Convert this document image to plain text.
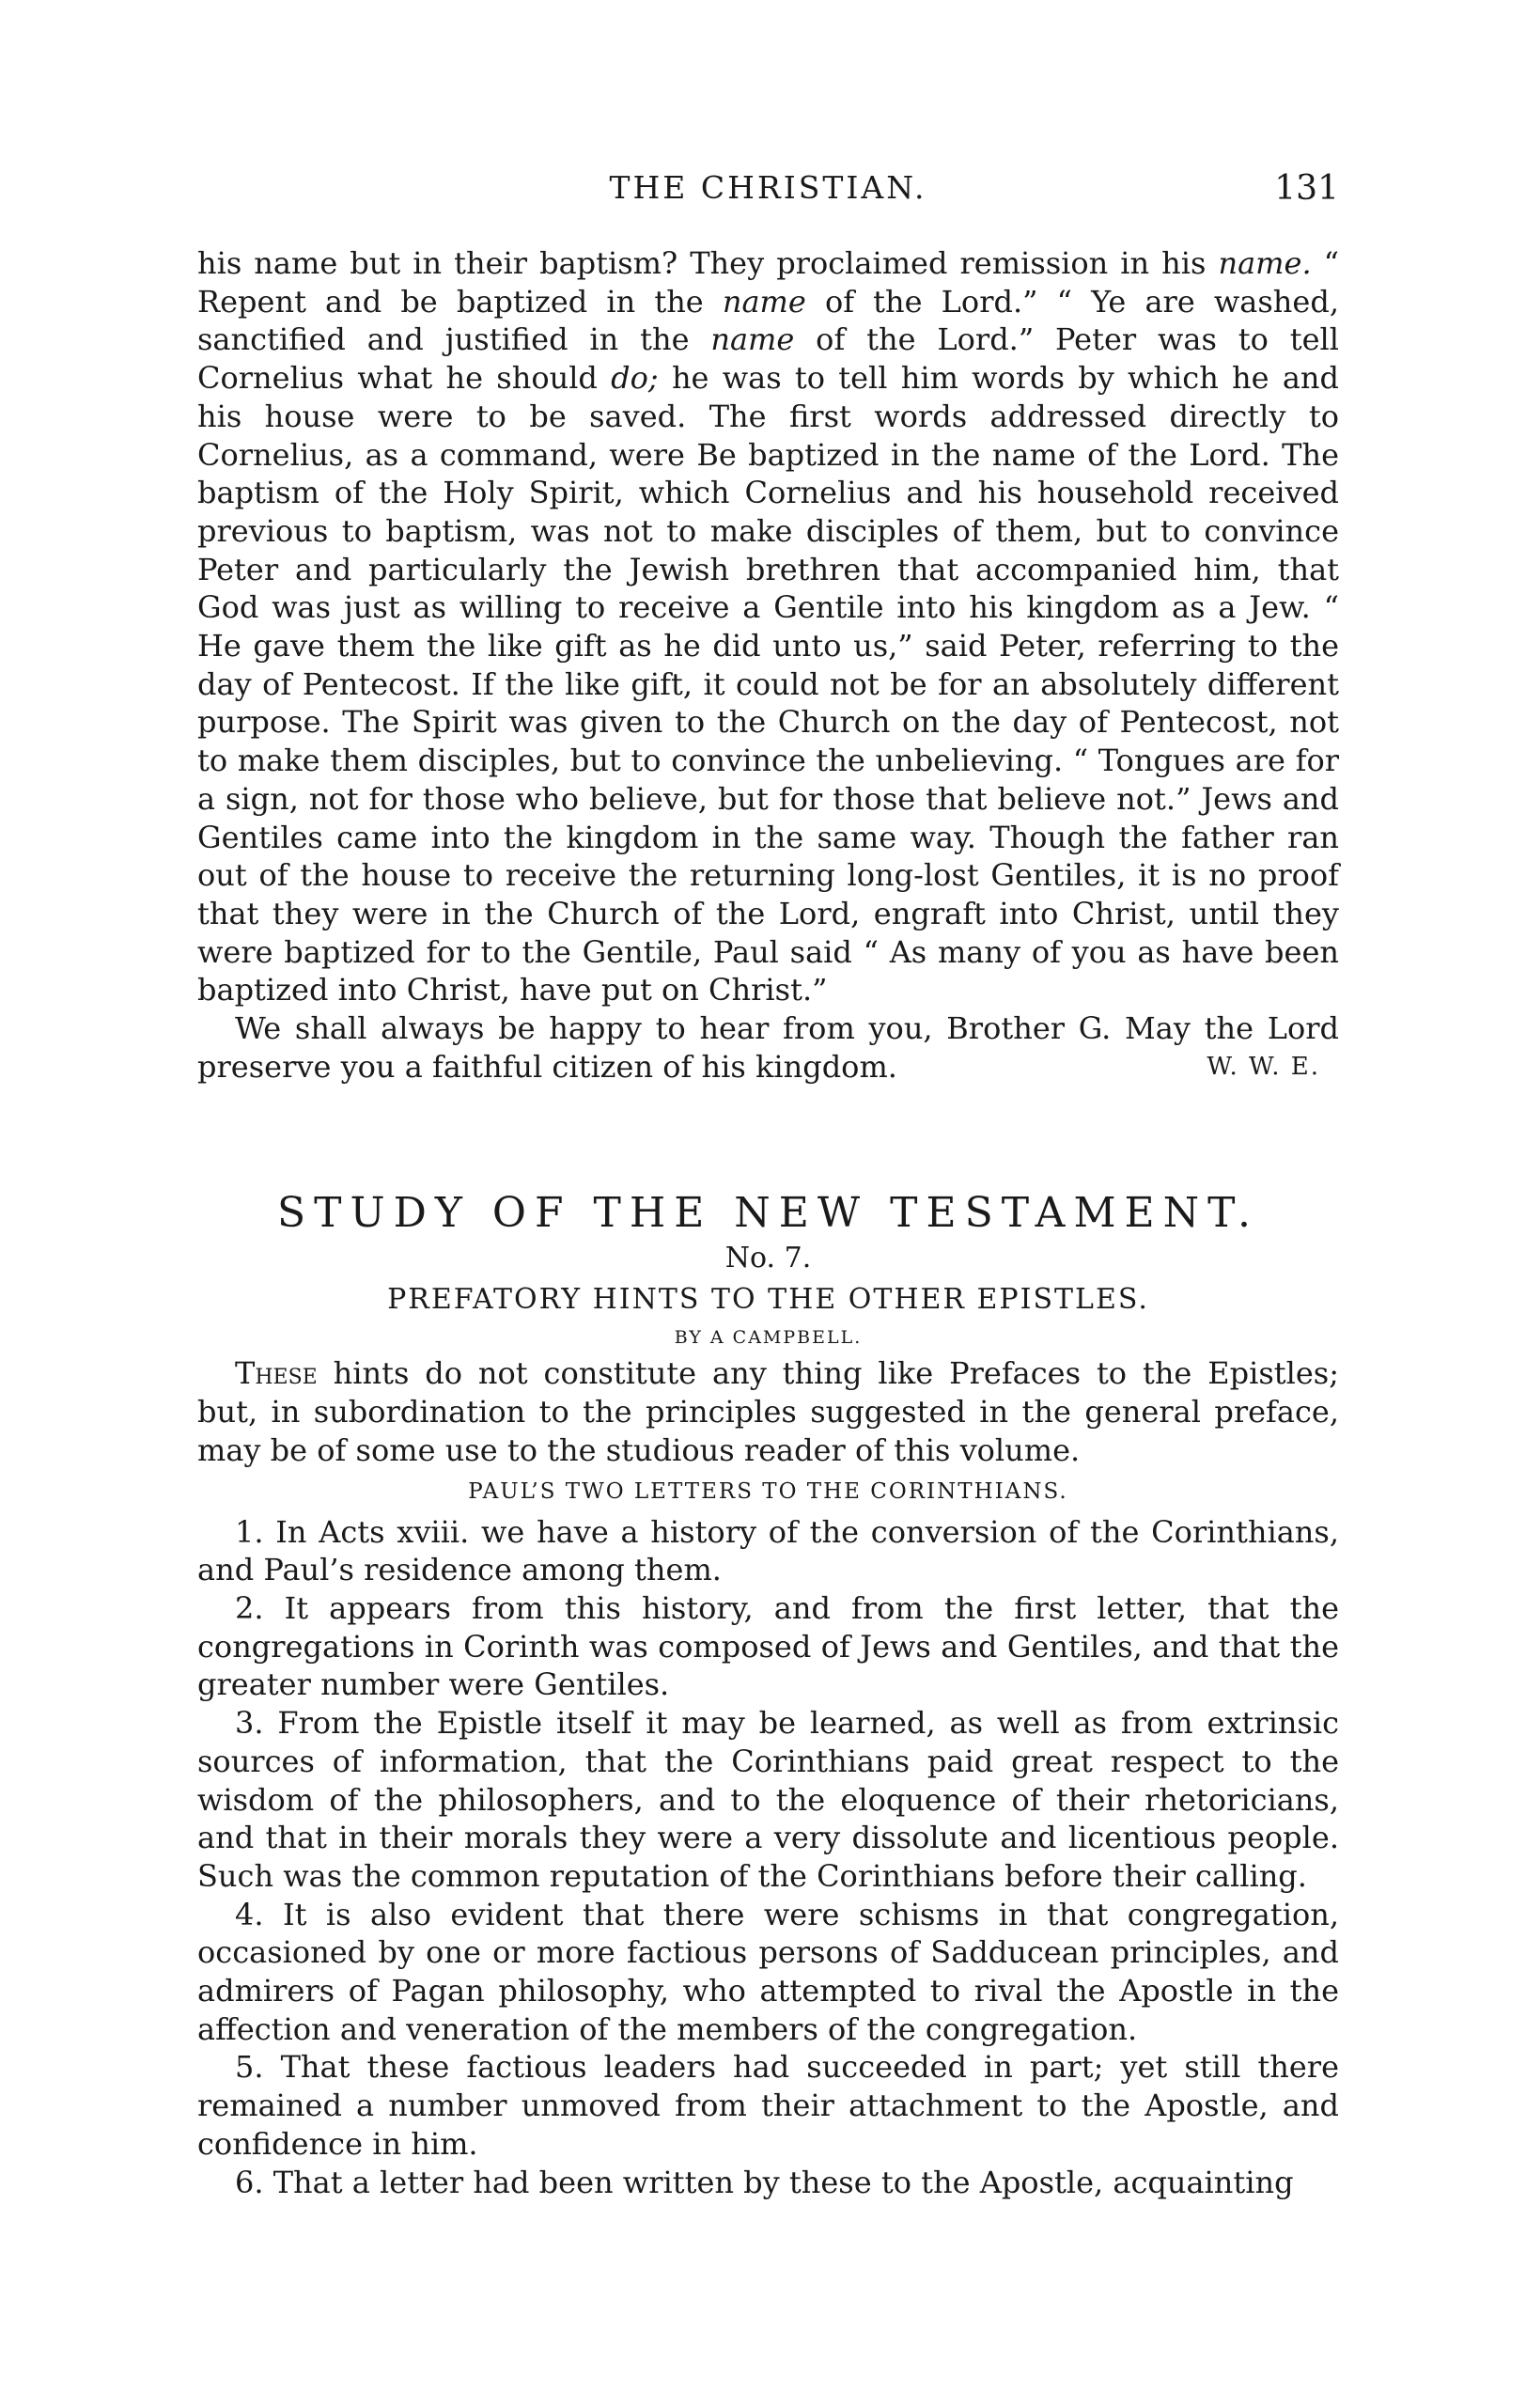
THE CHRISTIAN.	131

his name but in their baptism? They proclaimed remission in his name. “ Repent and be baptized in the name of the Lord.” “ Ye are washed, sanctified and justified in the name of the Lord.” Peter was to tell Cornelius what he should do; he was to tell him words by which he and his house were to be saved. The first words addressed directly to Cornelius, as a command, were Be baptized in the name of the Lord. The baptism of the Holy Spirit, which Cornelius and his household received previous to baptism, was not to make disciples of them, but to convince Peter and particularly the Jewish brethren that accompanied him, that God was just as willing to receive a Gentile into his kingdom as a Jew. “ He gave them the like gift as he did unto us,” said Peter, referring to the day of Pentecost. If the like gift, it could not be for an absolutely different purpose. The Spirit was given to the Church on the day of Pentecost, not to make them disciples, but to convince the unbelieving. “ Tongues are for a sign, not for those who believe, but for those that believe not.” Jews and Gentiles came into the kingdom in the same way. Though the father ran out of the house to receive the returning long-lost Gentiles, it is no proof that they were in the Church of the Lord, engraft into Christ, until they were baptized for to the Gentile, Paul said “ As many of you as have been baptized into Christ, have put on Christ.”

We shall always be happy to hear from you, Brother G. May the Lord preserve you a faithful citizen of his kingdom.	W. W. E.

STUDY OF THE NEW TESTAMENT.
No. 7.
PREFATORY HINTS TO THE OTHER EPISTLES.
BY A CAMPBELL.

These hints do not constitute any thing like Prefaces to the Epistles; but, in subordination to the principles suggested in the general preface, may be of some use to the studious reader of this volume.

PAUL’S TWO LETTERS TO THE CORINTHIANS.

1. In Acts xviii. we have a history of the conversion of the Corinthians, and Paul’s residence among them.

2. It appears from this history, and from the first letter, that the congregations in Corinth was composed of Jews and Gentiles, and that the greater number were Gentiles.

3. From the Epistle itself it may be learned, as well as from extrinsic sources of information, that the Corinthians paid great respect to the wisdom of the philosophers, and to the eloquence of their rhetoricians, and that in their morals they were a very dissolute and licentious people. Such was the common reputation of the Corinthians before their calling.

4. It is also evident that there were schisms in that congregation, occasioned by one or more factious persons of Sadducean principles, and admirers of Pagan philosophy, who attempted to rival the Apostle in the affection and veneration of the members of the congregation.

5. That these factious leaders had succeeded in part; yet still there remained a number unmoved from their attachment to the Apostle, and confidence in him.

6. That a letter had been written by these to the Apostle, acquainting
